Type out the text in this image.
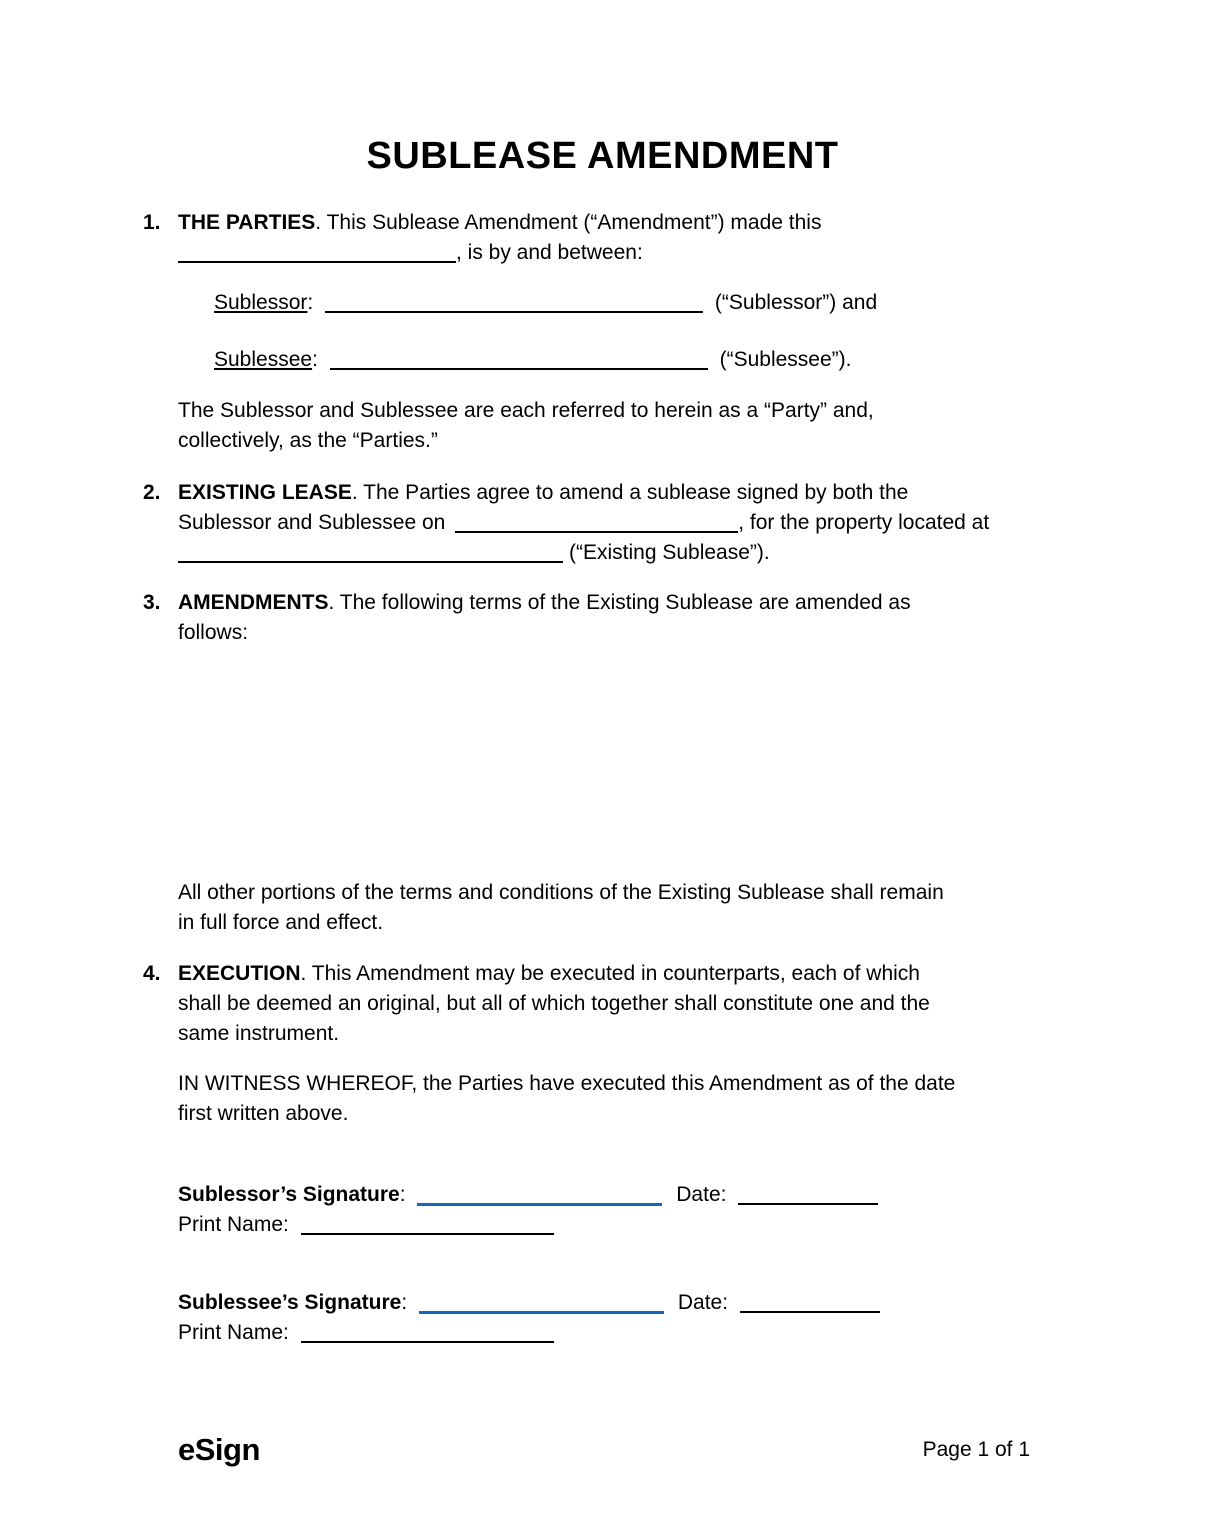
SUBLEASE AMENDMENT
1. THE PARTIES. This Sublease Amendment (“Amendment”) made this
, is by and between:
Sublessor:	(“Sublessor”) and
Sublessee:	(“Sublessee”).
The Sublessor and Sublessee are each referred to herein as a “Party” and,
collectively, as the “Parties.”
2. EXISTING LEASE. The Parties agree to amend a sublease signed by both the
Sublessor and Sublessee on	, for the property located at
(“Existing Sublease”).
3. AMENDMENTS. The following terms of the Existing Sublease are amended as
follows:
All other portions of the terms and conditions of the Existing Sublease shall remain
in full force and effect.
4. EXECUTION. This Amendment may be executed in counterparts, each of which
shall be deemed an original, but all of which together shall constitute one and the
same instrument.
IN WITNESS WHEREOF, the Parties have executed this Amendment as of the date
first written above.
Sublessor’s Signature:	Date:
Print Name:
Sublessee’s Signature:	Date:
Print Name:
eSign	Page 1 of 1
